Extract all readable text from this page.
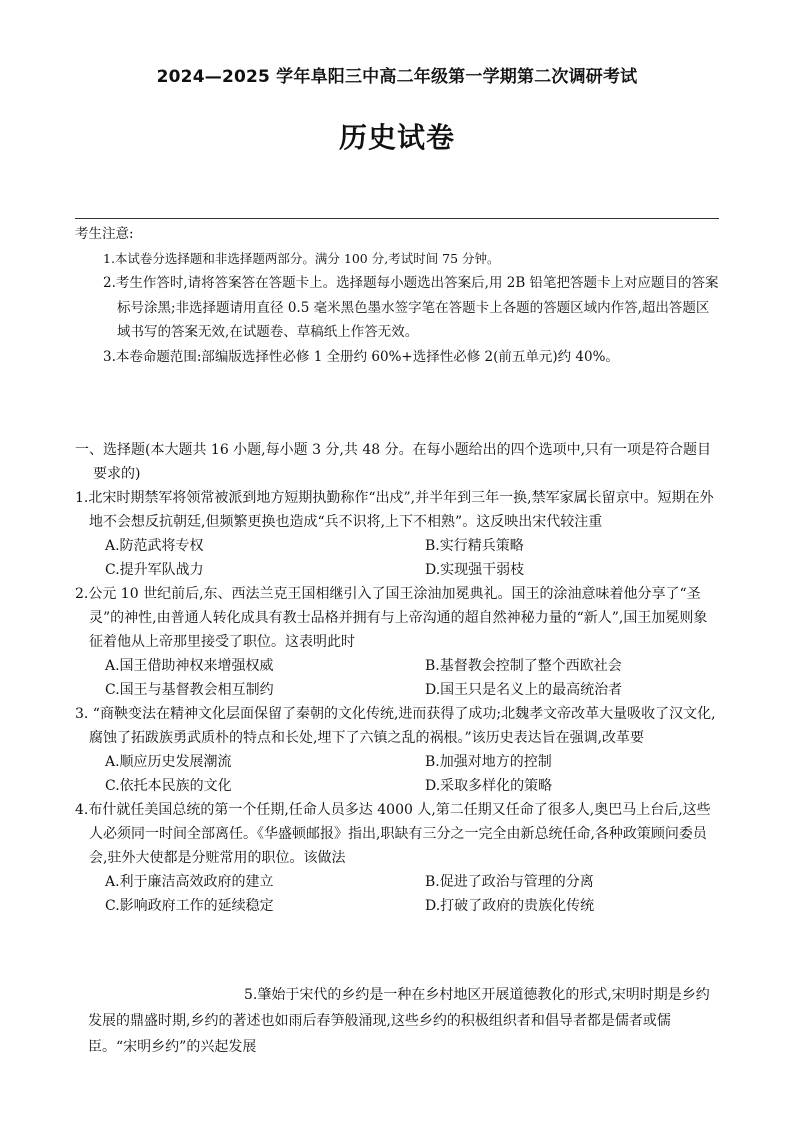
2024—2025 学年阜阳三中高二年级第一学期第二次调研考试
历史试卷
考生注意:
1.本试卷分选择题和非选择题两部分。满分 100 分,考试时间 75 分钟。
2.考生作答时,请将答案答在答题卡上。选择题每小题选出答案后,用 2B 铅笔把答题卡上对应题目的答案标号涂黑;非选择题请用直径 0.5 毫米黑色墨水签字笔在答题卡上各题的答题区域内作答,超出答题区域书写的答案无效,在试题卷、草稿纸上作答无效。
3.本卷命题范围:部编版选择性必修 1 全册约 60%+选择性必修 2(前五单元)约 40%。
一、选择题(本大题共 16 小题,每小题 3 分,共 48 分。在每小题给出的四个选项中,只有一项是符合题目要求的)
1.北宋时期禁军将领常被派到地方短期执勤称作“出戍”,并半年到三年一换,禁军家属长留京中。短期在外地不会想反抗朝廷,但频繁更换也造成“兵不识将,上下不相熟”。这反映出宋代较注重
A.防范武将专权	B.实行精兵策略
C.提升军队战力	D.实现强干弱枝
2.公元 10 世纪前后,东、西法兰克王国相继引入了国王涂油加冕典礼。国王的涂油意味着他分享了“圣灵”的神性,由普通人转化成具有教士品格并拥有与上帝沟通的超自然神秘力量的“新人”,国王加冕则象征着他从上帝那里接受了职位。这表明此时
A.国王借助神权来增强权威	B.基督教会控制了整个西欧社会
C.国王与基督教会相互制约	D.国王只是名义上的最高统治者
3. “商鞅变法在精神文化层面保留了秦朝的文化传统,进而获得了成功;北魏孝文帝改革大量吸收了汉文化,腐蚀了拓跋族勇武质朴的特点和长处,埋下了六镇之乱的祸根。”该历史表达旨在强调,改革要
A.顺应历史发展潮流	B.加强对地方的控制
C.依托本民族的文化	D.采取多样化的策略
4.布什就任美国总统的第一个任期,任命人员多达 4000 人,第二任期又任命了很多人,奥巴马上台后,这些人必须同一时间全部离任。《华盛顿邮报》指出,职缺有三分之一完全由新总统任命,各种政策顾问委员会,驻外大使都是分赃常用的职位。该做法
A.利于廉洁高效政府的建立	B.促进了政治与管理的分离
C.影响政府工作的延续稳定	D.打破了政府的贵族化传统
5.肇始于宋代的乡约是一种在乡村地区开展道德教化的形式,宋明时期是乡约发展的鼎盛时期,乡约的著述也如雨后春笋般涌现,这些乡约的积极组织者和倡导者都是儒者或儒臣。“宋明乡约”的兴起发展
